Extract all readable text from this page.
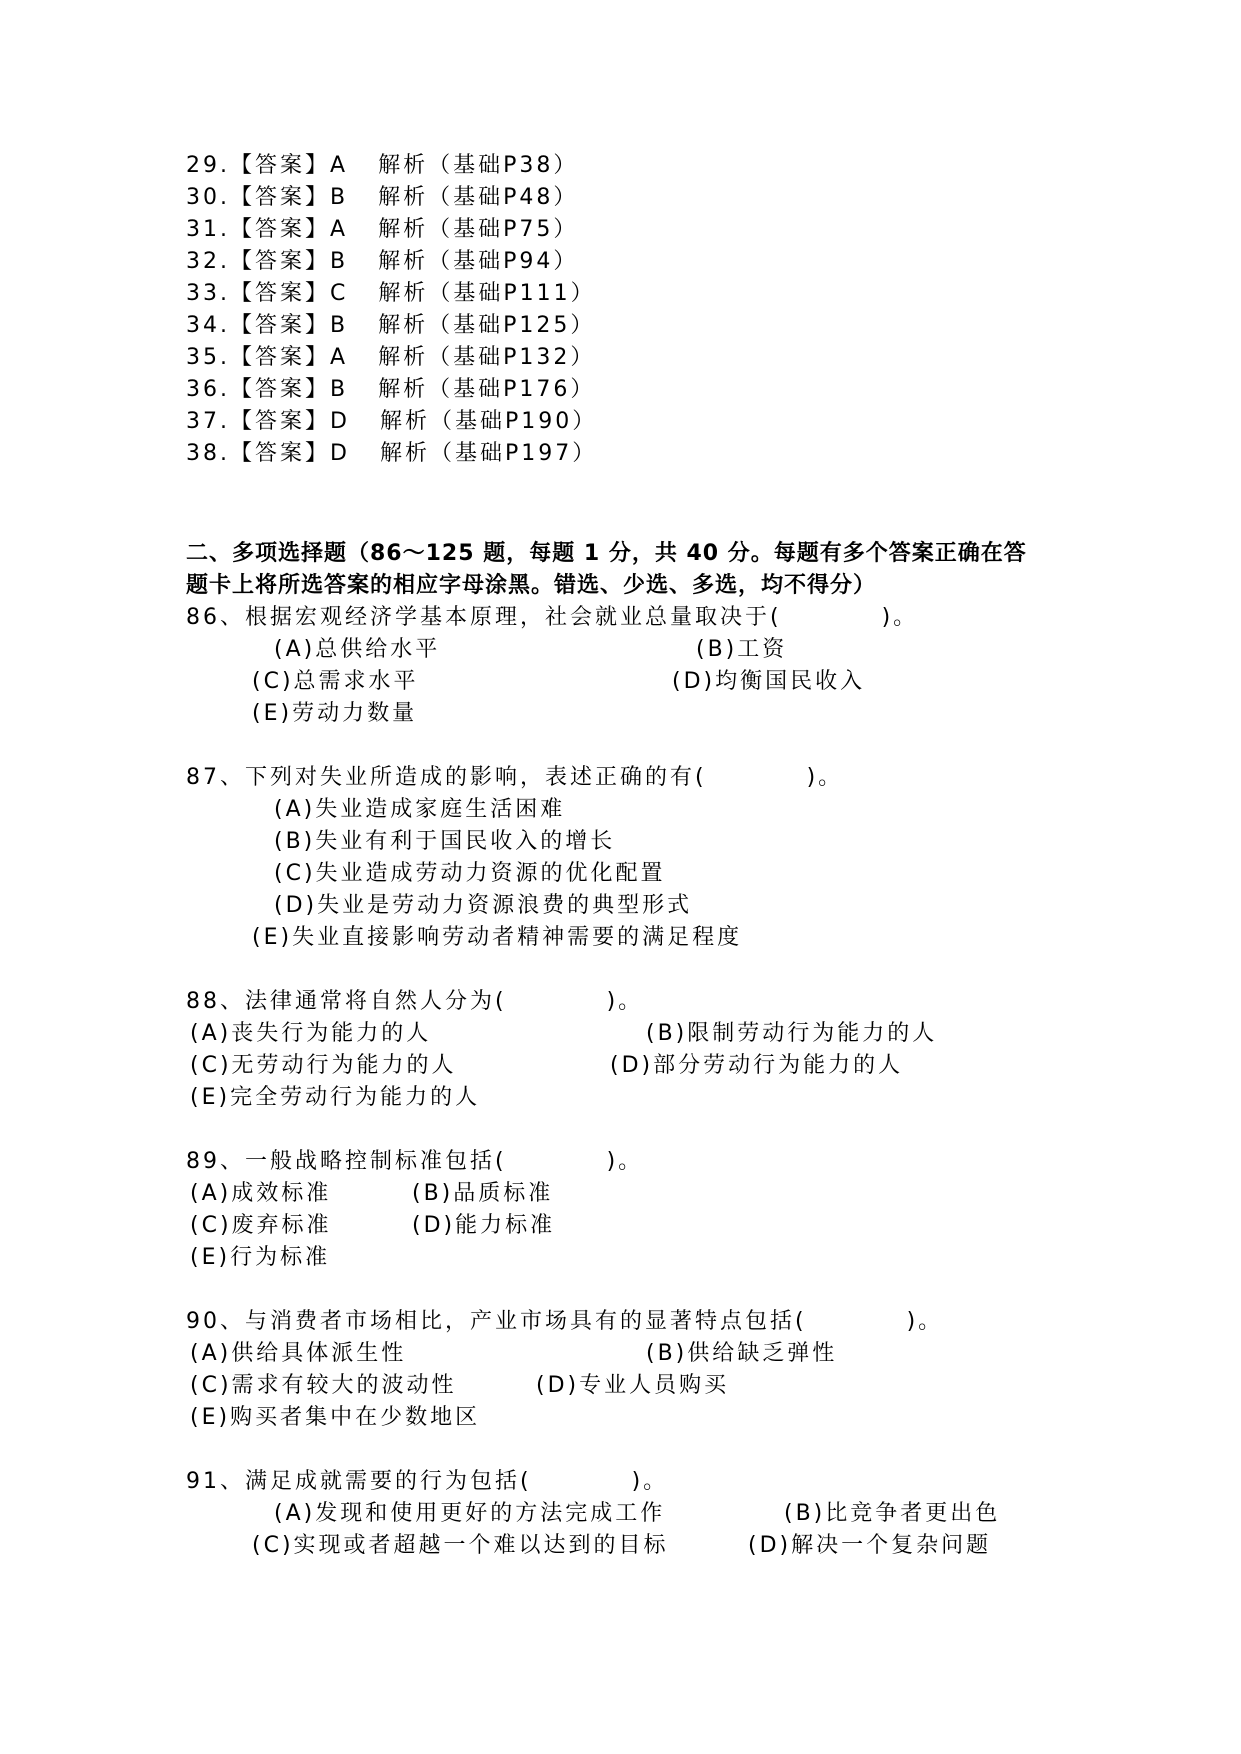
29.【答案】A 解析（基础P38）
30.【答案】B 解析（基础P48）
31.【答案】A 解析（基础P75）
32.【答案】B 解析（基础P94）
33.【答案】C 解析（基础P111）
34.【答案】B 解析（基础P125）
35.【答案】A 解析（基础P132）
36.【答案】B 解析（基础P176）
37.【答案】D 解析（基础P190）
38.【答案】D 解析（基础P197）
二、多项选择题（86～125 题，每题 1 分，共 40 分。每题有多个答案正确在答
题卡上将所选答案的相应字母涂黑。错选、少选、多选，均不得分）
86、根据宏观经济学基本原理，社会就业总量取决于(　　　　)。
(A)总供给水平	(B)工资
(C)总需求水平	(D)均衡国民收入
(E)劳动力数量
87、下列对失业所造成的影响，表述正确的有(　　　　)。
(A)失业造成家庭生活困难
(B)失业有利于国民收入的增长
(C)失业造成劳动力资源的优化配置
(D)失业是劳动力资源浪费的典型形式
(E)失业直接影响劳动者精神需要的满足程度
88、法律通常将自然人分为(　　　　)。
(A)丧失行为能力的人	(B)限制劳动行为能力的人
(C)无劳动行为能力的人	(D)部分劳动行为能力的人
(E)完全劳动行为能力的人
89、一般战略控制标准包括(　　　　)。
(A)成效标准	(B)品质标准
(C)废弃标准	(D)能力标准
(E)行为标准
90、与消费者市场相比，产业市场具有的显著特点包括(　　　　)。
(A)供给具体派生性	(B)供给缺乏弹性
(C)需求有较大的波动性	(D)专业人员购买
(E)购买者集中在少数地区
91、满足成就需要的行为包括(　　　　)。
(A)发现和使用更好的方法完成工作	(B)比竞争者更出色
(C)实现或者超越一个难以达到的目标	(D)解决一个复杂问题
